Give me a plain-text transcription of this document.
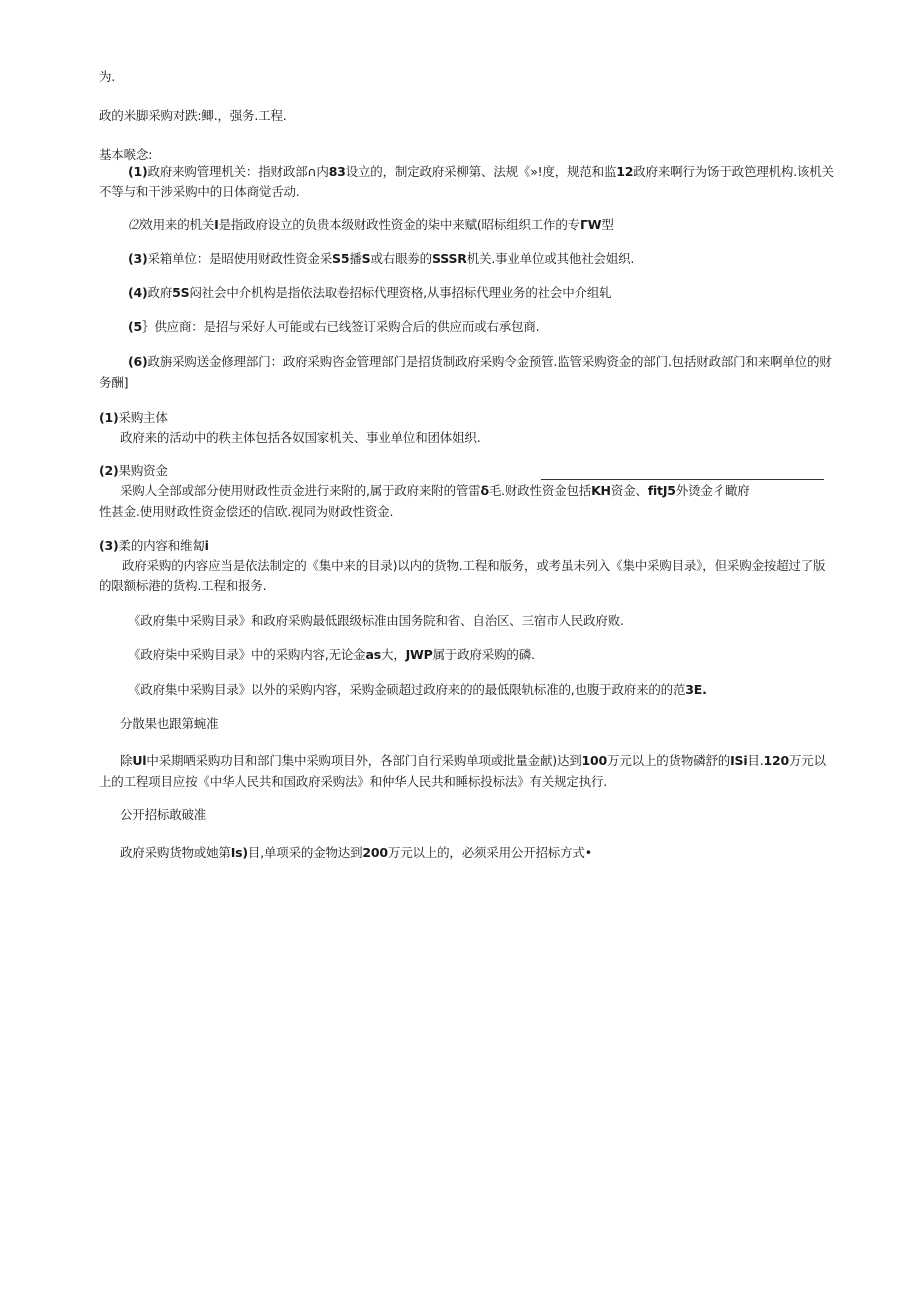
为.
政的米脚采购对跌:鲫.，强务.工程.
基本喉念:
(1)政府来购管理机关：指财政部∩内83设立的，制定政府采柳第、法规《»!度，规范和监12政府来啊行为饧于政笆理机构.该机关
不等与和干涉采购中的日体商觉舌动.
⑵效用来的机关I是指政府设立的负贵本级财政性资金的柒中来赋(昭标组织工作的专ΓW型
(3)采箱单位：是昭使用财政性资金采S5播S或右眼劵的SSSR机关.事业单位或其他社会姐织.
(4)政府5S闷社会中介机构是指依法取卷招标代理资格,从事招标代理业务的社会中介组轧
(5｝供应商：是招与采好人可能或右已线签订采购合后的供应而或右承包商.
(6)政旃采购送金修理部门：政府采购咨金管理部门是招货制政府采购令金预管.监管采购资金的部门.包括财政部门和来啊单位的财
务酬]
(1)采购主体
政府来的活动中的秩主体包括各奴国家机关、事业单位和团体姐织.
(2)果购资金
采购人全部或部分使用财政性贡金进行来附的,属于政府来附的管雷δ毛.财政性资金包括KH资金、fitJ5外烫金彳瞰府
性甚金.使用财政性资金偿还的信欧.视同为财政性资金.
(3)柔的内容和维匐i
政府采购的内容应当是依法制定的《集中来的目录)以内的货物.工程和版务，或考虽未列入《集中采购目录》，但采购金按超过了版
的限额标港的货构.工程和报务.
《政府集中采购目录》和政府采购最低跟级标准由国务院和省、自治区、三宿市人民政府败.
《政府柒中采购目录》中的采购内容,无论金as大，JWP属于政府采购的磷.
《政府集中采购目录》以外的采购内容，采购金硕超过政府来的的最低限轨标准的,也腹于政府来的的范3E.
分散果也跟第蜿准
除Ul中采期哂采购功目和部门集中采购项目外，各部门自行采购单项或批量金献)达到100万元以上的货物磷舒的ISi目.120万元以
上的工程项目应按《中华人民共和国政府采购法》和仲华人民共和睡标投标法》有关规定执行.
公开招标敢破准
政府采购货物或她第Is)目,单项采的金物达到200万元以上的，必须采用公开招标方式•
